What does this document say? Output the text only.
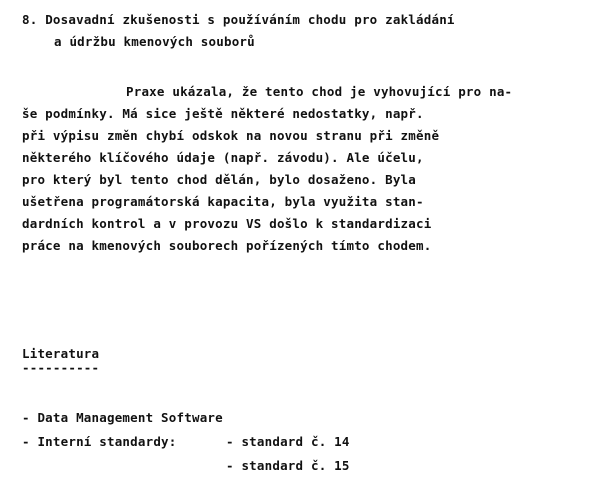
8. Dosavadní zkušenosti s používáním chodu pro zakládání
a údržbu kmenových souborů
Praxe ukázala, že tento chod je vyhovující pro na-
še podmínky. Má sice ještě některé nedostatky, např.
při výpisu změn chybí odskok na novou stranu při změně
některého klíčového údaje (např. závodu). Ale účelu,
pro který byl tento chod dělán, bylo dosaženo. Byla
ušetřena programátorská kapacita, byla využita stan-
dardních kontrol a v provozu VS došlo k standardizaci
práce na kmenových souborech pořízených tímto chodem.
Literatura
----------
- Data Management Software
- Interní standardy:	- standard č. 14
- standard č. 15
